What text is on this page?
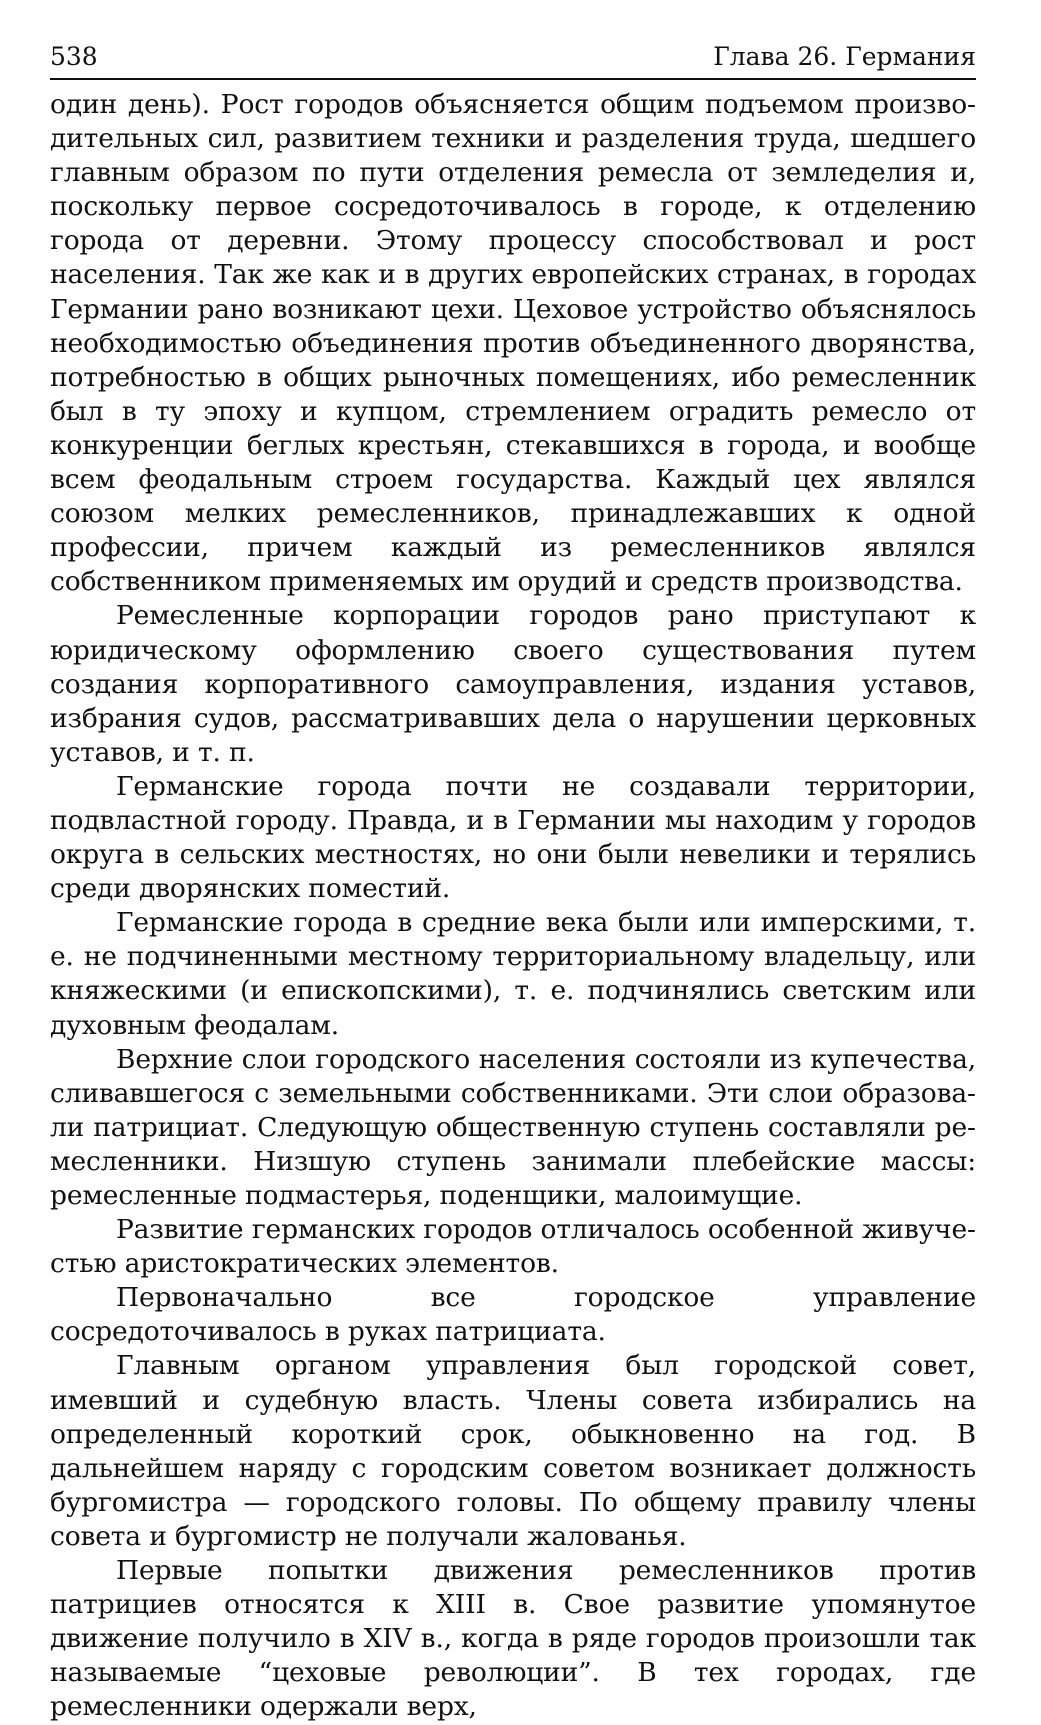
538	Глава 26. Германия

один день). Рост городов объясняется общим подъемом производительных сил, развитием техники и разделения труда, шедшего главным образом по пути отделения ремесла от земледелия и, поскольку первое сосредоточивалось в городе, к отделению города от деревни. Этому процессу способствовал и рост населения. Так же как и в других европейских странах, в городах Германии рано возникают цехи. Цеховое устройство объяснялось необходимостью объединения против объединенного дворянства, потребностью в общих рыночных помещениях, ибо ремесленник был в ту эпоху и купцом, стремлением оградить ремесло от конкуренции беглых крестьян, стекавшихся в города, и вообще всем феодальным строем государства. Каждый цех являлся союзом мелких ремесленников, принадлежавших к одной профессии, причем каждый из ремесленников являлся собственником применяемых им орудий и средств производства.

Ремесленные корпорации городов рано приступают к юридическому оформлению своего существования путем создания корпоративного самоуправления, издания уставов, избрания судов, рассматривавших дела о нарушении церковных уставов, и т. п.

Германские города почти не создавали территории, подвластной городу. Правда, и в Германии мы находим у городов округа в сельских местностях, но они были невелики и терялись среди дворянских поместий.

Германские города в средние века были или имперскими, т. е. не подчиненными местному территориальному владельцу, или княжескими (и епископскими), т. е. подчинялись светским или духовным феодалам.

Верхние слои городского населения состояли из купечества, сливавшегося с земельными собственниками. Эти слои образовали патрициат. Следующую общественную ступень составляли ремесленники. Низшую ступень занимали плебейские массы: ремесленные подмастерья, поденщики, малоимущие.

Развитие германских городов отличалось особенной живучестью аристократических элементов.

Первоначально все городское управление сосредоточивалось в руках патрициата.

Главным органом управления был городской совет, имевший и судебную власть. Члены совета избирались на определенный короткий срок, обыкновенно на год. В дальнейшем наряду с городским советом возникает должность бургомистра — городского головы. По общему правилу члены совета и бургомистр не получали жалованья.

Первые попытки движения ремесленников против патрициев относятся к XIII в. Свое развитие упомянутое движение получило в XIV в., когда в ряде городов произошли так называемые “цеховые революции”. В тех городах, где ремесленники одержали верх,
